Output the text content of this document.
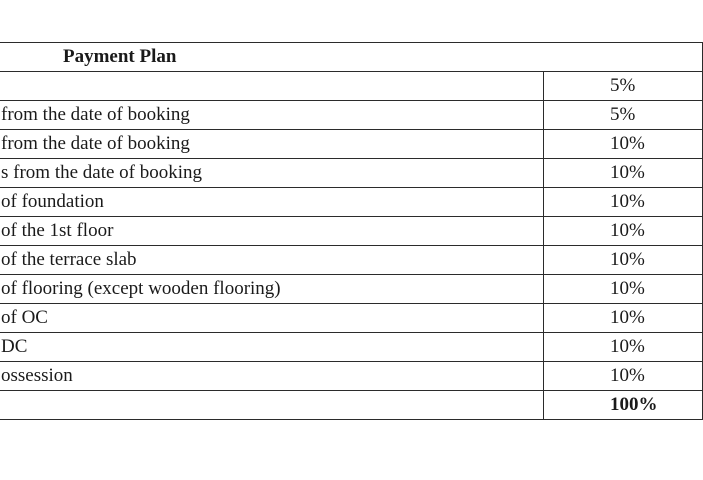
Payment Plan	

	5%

from the date of booking	5%

from the date of booking	10%

s from the date of booking	10%

of foundation	10%

of the 1st floor	10%

of the terrace slab	10%

of flooring (except wooden flooring)	10%

of OC	10%

DC	10%

ossession	10%

	100%
